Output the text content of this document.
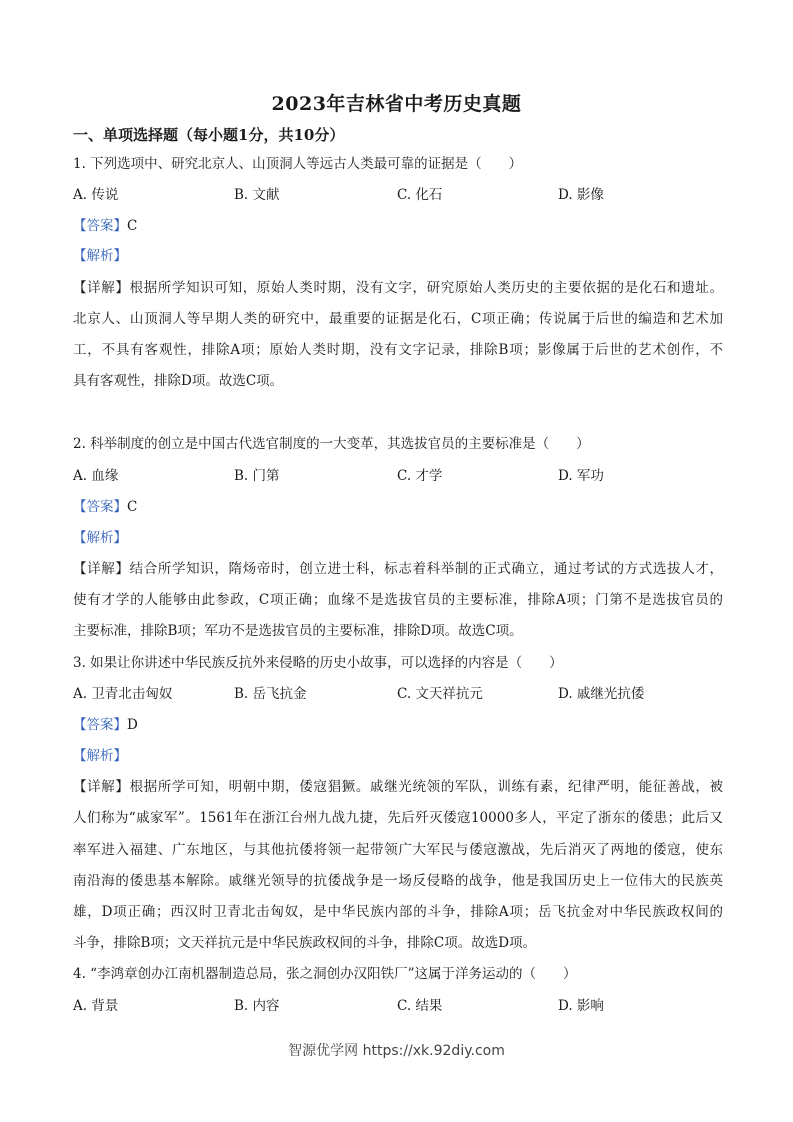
2023年吉林省中考历史真题
一、单项选择题（每小题1分，共10分）
1. 下列选项中、研究北京人、山顶洞人等远古人类最可靠的证据是（　　）
A. 传说	B. 文献	C. 化石	D. 影像
【答案】C
【解析】
【详解】根据所学知识可知，原始人类时期，没有文字，研究原始人类历史的主要依据的是化石和遗址。
北京人、山顶洞人等早期人类的研究中，最重要的证据是化石，C项正确；传说属于后世的编造和艺术加
工，不具有客观性，排除A项；原始人类时期，没有文字记录，排除B项；影像属于后世的艺术创作，不
具有客观性，排除D项。故选C项。
2. 科举制度的创立是中国古代选官制度的一大变革，其选拔官员的主要标准是（　　）
A. 血缘	B. 门第	C. 才学	D. 军功
【答案】C
【解析】
【详解】结合所学知识，隋炀帝时，创立进士科，标志着科举制的正式确立，通过考试的方式选拔人才，
使有才学的人能够由此参政，C项正确；血缘不是选拔官员的主要标准，排除A项；门第不是选拔官员的
主要标准，排除B项；军功不是选拔官员的主要标准，排除D项。故选C项。
3. 如果让你讲述中华民族反抗外来侵略的历史小故事，可以选择的内容是（　　）
A. 卫青北击匈奴	B. 岳飞抗金	C. 文天祥抗元	D. 戚继光抗倭
【答案】D
【解析】
【详解】根据所学可知，明朝中期，倭寇猖獗。戚继光统领的军队，训练有素，纪律严明，能征善战，被
人们称为“戚家军”。1561年在浙江台州九战九捷，先后歼灭倭寇10000多人，平定了浙东的倭患；此后又
率军进入福建、广东地区，与其他抗倭将领一起带领广大军民与倭寇激战，先后消灭了两地的倭寇，使东
南沿海的倭患基本解除。戚继光领导的抗倭战争是一场反侵略的战争，他是我国历史上一位伟大的民族英
雄，D项正确；西汉时卫青北击匈奴，是中华民族内部的斗争，排除A项；岳飞抗金对中华民族政权间的
斗争，排除B项；文天祥抗元是中华民族政权间的斗争，排除C项。故选D项。
4. “李鸿章创办江南机器制造总局，张之洞创办汉阳铁厂”这属于洋务运动的（　　）
A. 背景	B. 内容	C. 结果	D. 影响
智源优学网 https://xk.92diy.com
